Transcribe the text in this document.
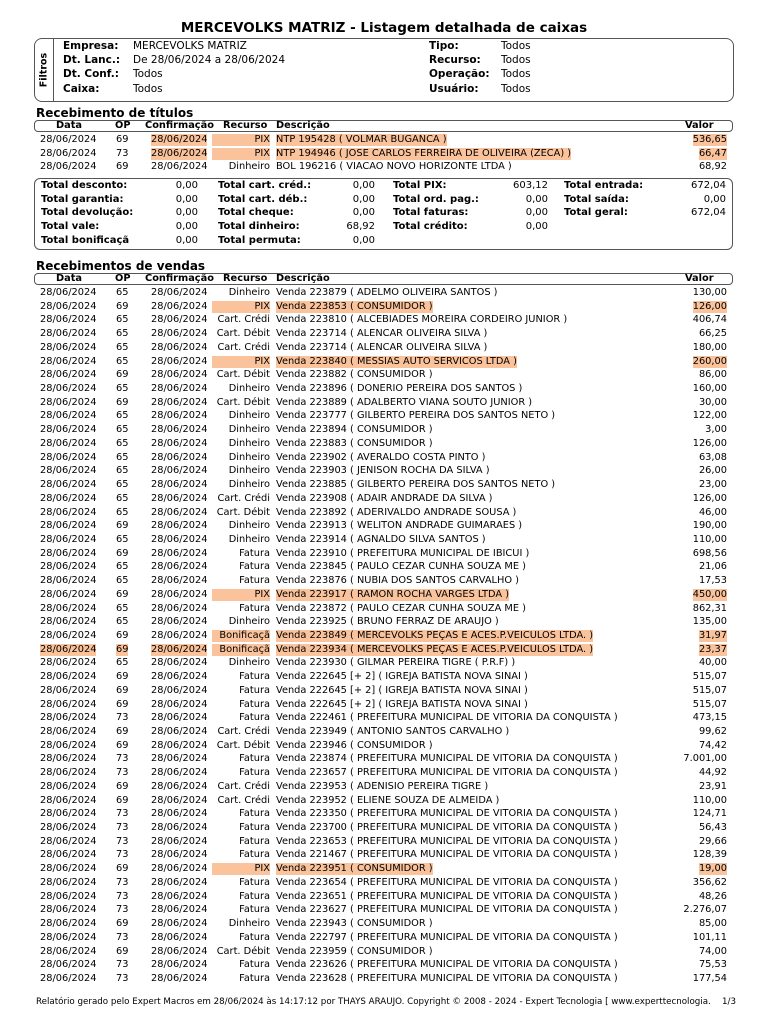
MERCEVOLKS MATRIZ - Listagem detalhada de caixas
Filtros
Empresa: MERCEVOLKS MATRIZ
Dt. Lanc.: De 28/06/2024 a 28/06/2024
Dt. Conf.: Todos
Caixa:	Todos
Tipo:	Todos
Recurso: Todos
Operação: Todos
Usuário: Todos
Recebimento de títulos
Data	OP Confirmação Recurso Descrição	Valor
28/06/2024 69 28/06/2024	PIX NTP 195428 ( VOLMAR BUGANCA )	536,65
28/06/2024 73 28/06/2024	PIX NTP 194946 ( JOSE CARLOS FERREIRA DE OLIVEIRA (ZECA) )	66,47
28/06/2024 69 28/06/2024	Dinheiro BOL 196216 ( VIACAO NOVO HORIZONTE LTDA )	68,92
Total desconto:	0,00
Total garantia:	0,00
Total devolução:	0,00
Total vale:	0,00
Total bonificaçã	0,00
Total cart. créd.:	0,00
Total cart. déb.:	0,00
Total cheque:	0,00
Total dinheiro:	68,92
Total permuta:	0,00
Total PIX:	603,12
Total ord. pag.:	0,00
Total faturas:	0,00
Total crédito:	0,00
Total entrada:	672,04
Total saída:	0,00
Total geral:	672,04
Recebimentos de vendas
Data	OP Confirmação Recurso Descrição	Valor
28/06/2024 65 28/06/2024	Dinheiro Venda 223879 ( ADELMO OLIVEIRA SANTOS )	130,00
28/06/2024 69 28/06/2024	PIX Venda 223853 ( CONSUMIDOR )	126,00
28/06/2024 65 28/06/2024	Cart. Crédi Venda 223810 ( ALCEBIADES MOREIRA CORDEIRO JUNIOR )	406,74
28/06/2024 65 28/06/2024 Cart. Débit Venda 223714 ( ALENCAR OLIVEIRA SILVA )	66,25
28/06/2024 65 28/06/2024	Cart. Crédi Venda 223714 ( ALENCAR OLIVEIRA SILVA )	180,00
28/06/2024 65 28/06/2024	PIX Venda 223840 ( MESSIAS AUTO SERVICOS LTDA )	260,00
28/06/2024 69 28/06/2024 Cart. Débit Venda 223882 ( CONSUMIDOR )	86,00
28/06/2024 65 28/06/2024	Dinheiro Venda 223896 ( DONERIO PEREIRA DOS SANTOS )	160,00
28/06/2024 69 28/06/2024 Cart. Débit Venda 223889 ( ADALBERTO VIANA SOUTO JUNIOR )	30,00
28/06/2024 65 28/06/2024	Dinheiro Venda 223777 ( GILBERTO PEREIRA DOS SANTOS NETO )	122,00
28/06/2024 65 28/06/2024	Dinheiro Venda 223894 ( CONSUMIDOR )	3,00
28/06/2024 65 28/06/2024	Dinheiro Venda 223883 ( CONSUMIDOR )	126,00
28/06/2024 65 28/06/2024	Dinheiro Venda 223902 ( AVERALDO COSTA PINTO )	63,08
28/06/2024 65 28/06/2024	Dinheiro Venda 223903 ( JENISON ROCHA DA SILVA )	26,00
28/06/2024 65 28/06/2024	Dinheiro Venda 223885 ( GILBERTO PEREIRA DOS SANTOS NETO )	23,00
28/06/2024 65 28/06/2024	Cart. Crédi Venda 223908 ( ADAIR ANDRADE DA SILVA )	126,00
28/06/2024 65 28/06/2024 Cart. Débit Venda 223892 ( ADERIVALDO ANDRADE SOUSA )	46,00
28/06/2024 69 28/06/2024	Dinheiro Venda 223913 ( WELITON ANDRADE GUIMARAES )	190,00
28/06/2024 65 28/06/2024	Dinheiro Venda 223914 ( AGNALDO SILVA SANTOS )	110,00
28/06/2024 69 28/06/2024	Fatura Venda 223910 ( PREFEITURA MUNICIPAL DE IBICUI )	698,56
28/06/2024 65 28/06/2024	Fatura Venda 223845 ( PAULO CEZAR CUNHA SOUZA ME )	21,06
28/06/2024 65 28/06/2024	Fatura Venda 223876 ( NUBIA DOS SANTOS CARVALHO )	17,53
28/06/2024 69 28/06/2024	PIX Venda 223917 ( RAMON ROCHA VARGES LTDA )	450,00
28/06/2024 65 28/06/2024	Fatura Venda 223872 ( PAULO CEZAR CUNHA SOUZA ME )	862,31
28/06/2024 65 28/06/2024	Dinheiro Venda 223925 ( BRUNO FERRAZ DE ARAUJO )	135,00
28/06/2024 69 28/06/2024	Bonificaçã Venda 223849 ( MERCEVOLKS PEÇAS E ACES.P.VEICULOS LTDA. )	31,97
28/06/2024 69 28/06/2024	Bonificaçã Venda 223934 ( MERCEVOLKS PEÇAS E ACES.P.VEICULOS LTDA. )	23,37
28/06/2024 65 28/06/2024	Dinheiro Venda 223930 ( GILMAR PEREIRA TIGRE ( P.R.F) )	40,00
28/06/2024 69 28/06/2024	Fatura Venda 222645 [+ 2] ( IGREJA BATISTA NOVA SINAI )	515,07
28/06/2024 69 28/06/2024	Fatura Venda 222645 [+ 2] ( IGREJA BATISTA NOVA SINAI )	515,07
28/06/2024 69 28/06/2024	Fatura Venda 222645 [+ 2] ( IGREJA BATISTA NOVA SINAI )	515,07
28/06/2024 73 28/06/2024	Fatura Venda 222461 ( PREFEITURA MUNICIPAL DE VITORIA DA CONQUISTA )	473,15
28/06/2024 69 28/06/2024	Cart. Crédi Venda 223949 ( ANTONIO SANTOS CARVALHO )	99,62
28/06/2024 69 28/06/2024 Cart. Débit Venda 223946 ( CONSUMIDOR )	74,42
28/06/2024 73 28/06/2024	Fatura Venda 223874 ( PREFEITURA MUNICIPAL DE VITORIA DA CONQUISTA )	7.001,00
28/06/2024 73 28/06/2024	Fatura Venda 223657 ( PREFEITURA MUNICIPAL DE VITORIA DA CONQUISTA )	44,92
28/06/2024 69 28/06/2024	Cart. Crédi Venda 223953 ( ADENISIO PEREIRA TIGRE )	23,91
28/06/2024 69 28/06/2024	Cart. Crédi Venda 223952 ( ELIENE SOUZA DE ALMEIDA )	110,00
28/06/2024 73 28/06/2024	Fatura Venda 223350 ( PREFEITURA MUNICIPAL DE VITORIA DA CONQUISTA )	124,71
28/06/2024 73 28/06/2024	Fatura Venda 223700 ( PREFEITURA MUNICIPAL DE VITORIA DA CONQUISTA )	56,43
28/06/2024 73 28/06/2024	Fatura Venda 223653 ( PREFEITURA MUNICIPAL DE VITORIA DA CONQUISTA )	29,66
28/06/2024 73 28/06/2024	Fatura Venda 221467 ( PREFEITURA MUNICIPAL DE VITORIA DA CONQUISTA )	128,39
28/06/2024 69 28/06/2024	PIX Venda 223951 ( CONSUMIDOR )	19,00
28/06/2024 73 28/06/2024	Fatura Venda 223654 ( PREFEITURA MUNICIPAL DE VITORIA DA CONQUISTA )	356,62
28/06/2024 73 28/06/2024	Fatura Venda 223651 ( PREFEITURA MUNICIPAL DE VITORIA DA CONQUISTA )	48,26
28/06/2024 73 28/06/2024	Fatura Venda 223627 ( PREFEITURA MUNICIPAL DE VITORIA DA CONQUISTA )	2.276,07
28/06/2024 69 28/06/2024	Dinheiro Venda 223943 ( CONSUMIDOR )	85,00
28/06/2024 73 28/06/2024	Fatura Venda 222797 ( PREFEITURA MUNICIPAL DE VITORIA DA CONQUISTA )	101,11
28/06/2024 69 28/06/2024 Cart. Débit Venda 223959 ( CONSUMIDOR )	74,00
28/06/2024 73 28/06/2024	Fatura Venda 223626 ( PREFEITURA MUNICIPAL DE VITORIA DA CONQUISTA )	75,53
28/06/2024 73 28/06/2024	Fatura Venda 223628 ( PREFEITURA MUNICIPAL DE VITORIA DA CONQUISTA )	177,54
Relatório gerado pelo Expert Macros em 28/06/2024 às 14:17:12 por THAYS ARAUJO. Copyright © 2008 - 2024 - Expert Tecnologia [ www.experttecnologia. 1/3
